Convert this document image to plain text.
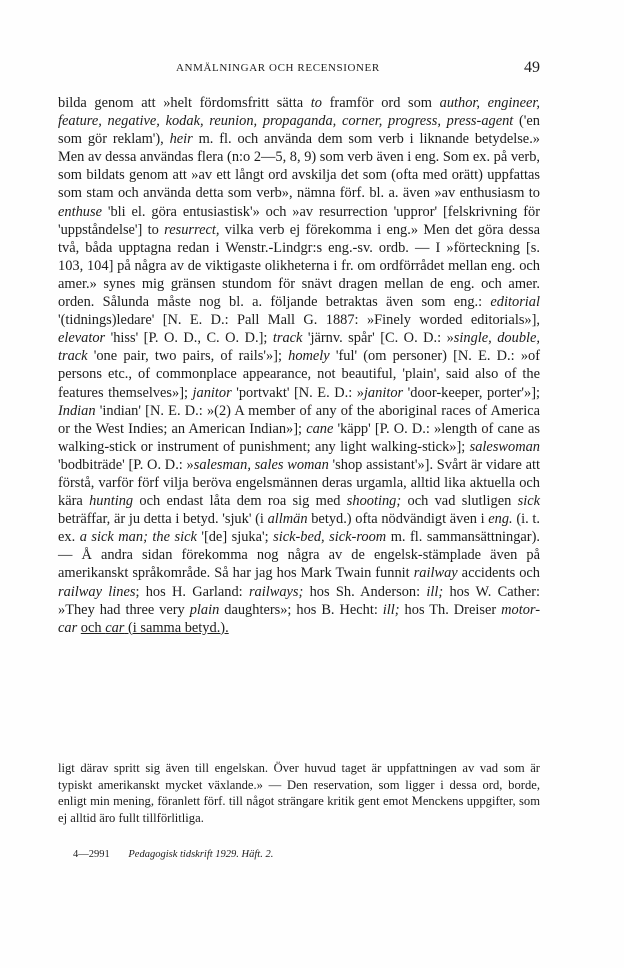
ANMÄLNINGAR OCH RECENSIONER	49

bilda genom att »helt fördomsfritt sätta to framför ord som author, engineer, feature, negative, kodak, reunion, propaganda, corner, progress, press-agent ('en som gör reklam'), heir m. fl. och använda dem som verb i liknande betydelse.» Men av dessa användas flera (n:o 2—5, 8, 9) som verb även i eng. Som ex. på verb, som bildats genom att »av ett långt ord avskilja det som (ofta med orätt) uppfattas som stam och använda detta som verb», nämna förf. bl. a. även »av enthusiasm to enthuse 'bli el. göra entusiastisk'» och »av resurrection 'uppror' [felskrivning för 'uppståndelse'] to resurrect, vilka verb ej förekomma i eng.» Men det göra dessa två, båda upptagna redan i Wenstr.-Lindgr:s eng.-sv. ordb. — I »förteckning [s. 103, 104] på några av de viktigaste olikheterna i fr. om ordförrådet mellan eng. och amer.» synes mig gränsen stundom för snävt dragen mellan de eng. och amer. orden. Sålunda måste nog bl. a. följande betraktas även som eng.: editorial '(tidnings)ledare' [N. E. D.: Pall Mall G. 1887: »Finely worded editorials»], elevator 'hiss' [P. O. D., C. O. D.]; track 'järnv. spår' [C. O. D.: »single, double, track 'one pair, two pairs, of rails'»]; homely 'ful' (om personer) [N. E. D.: »of persons etc., of commonplace appearance, not beautiful, 'plain', said also of the features themselves»]; janitor 'portvakt' [N. E. D.: »janitor 'door-keeper, porter'»]; Indian 'indian' [N. E. D.: »(2) A member of any of the aboriginal races of America or the West Indies; an American Indian»]; cane 'käpp' [P. O. D.: »length of cane as walking-stick or instrument of punishment; any light walking-stick»]; saleswoman 'bodbiträde' [P. O. D.: »salesman, sales woman 'shop assistant'»]. Svårt är vidare att förstå, varför förf vilja beröva engelsmännen deras urgamla, alltid lika aktuella och kära hunting och endast låta dem roa sig med shooting; och vad slutligen sick beträffar, är ju detta i betyd. 'sjuk' (i allmän betyd.) ofta nödvändigt även i eng. (i. t. ex. a sick man; the sick '[de] sjuka'; sick-bed, sick-room m. fl. sammansättningar). — Å andra sidan förekomma nog några av de engelsk-stämplade även på amerikanskt språkområde. Så har jag hos Mark Twain funnit railway accidents och railway lines; hos H. Garland: railways; hos Sh. Anderson: ill; hos W. Cather: »They had three very plain daughters»; hos B. Hecht: ill; hos Th. Dreiser motor-car och car (i samma betyd.).

ligt därav spritt sig även till engelskan. Över huvud taget är uppfattningen av vad som är typiskt amerikanskt mycket växlande.» — Den reservation, som ligger i dessa ord, borde, enligt min mening, föranlett förf. till något strängare kritik gent emot Menckens uppgifter, som ej alltid äro fullt tillförlitliga.

4—2991 Pedagogisk tidskrift 1929. Häft. 2.
